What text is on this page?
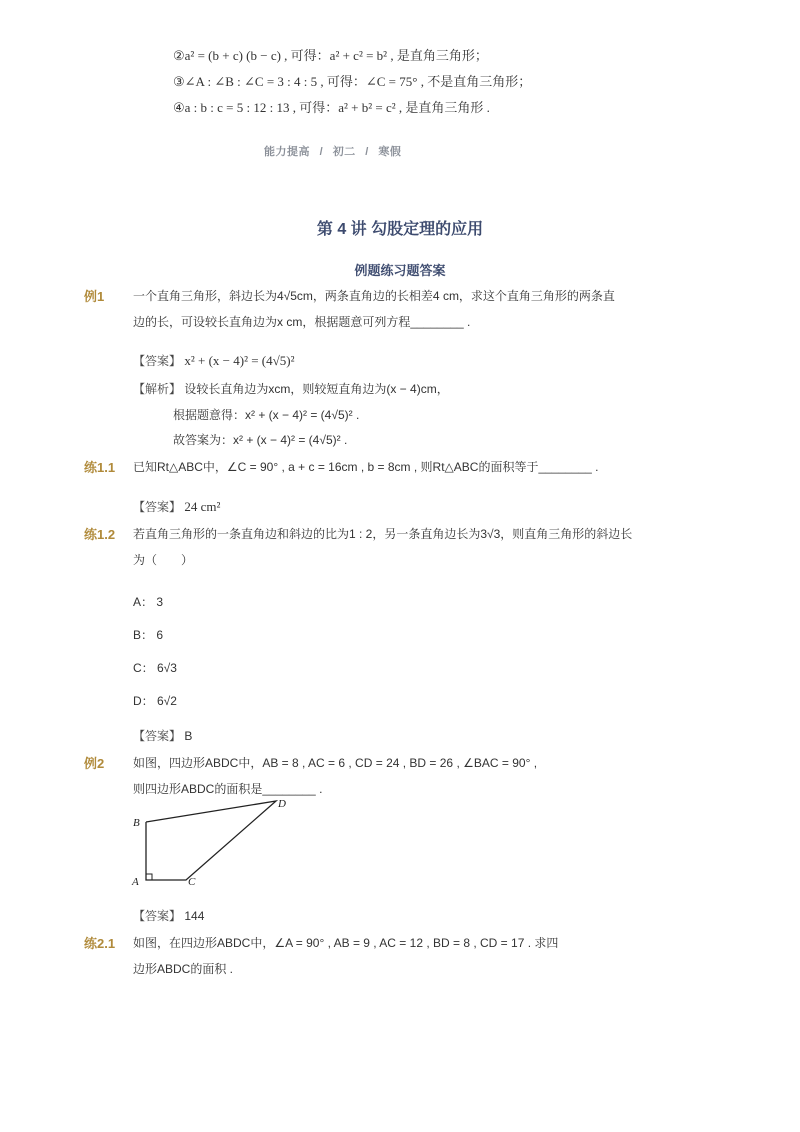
②a² = (b + c) (b − c) , 可得：a² + c² = b² , 是直角三角形；
③∠A : ∠B : ∠C = 3 : 4 : 5 , 可得：∠C = 75° , 不是直角三角形；
④a : b : c = 5 : 12 : 13 , 可得：a² + b² = c² , 是直角三角形 .
能力提高 / 初二 / 寒假
第 4 讲 勾股定理的应用
例题练习题答案
例1 一个直角三角形，斜边长为4√5cm，两条直角边的长相差4 cm，求这个直角三角形的两条直
边的长，可设较长直角边为x cm，根据题意可列方程________ .
【答案】 x² + (x − 4)² = (4√5)²
【解析】 设较长直角边为xcm，则较短直角边为(x − 4)cm，
根据题意得：x² + (x − 4)² = (4√5)² .
故答案为：x² + (x − 4)² = (4√5)² .
练1.1 已知Rt△ABC中，∠C = 90° , a + c = 16cm , b = 8cm , 则Rt△ABC的面积等于________ .
【答案】 24 cm²
练1.2 若直角三角形的一条直角边和斜边的比为1 : 2，另一条直角边长为3√3，则直角三角形的斜边长
为（　　）
A： 3
B： 6
C： 6√3
D： 6√2
【答案】 B
例2 如图，四边形ABDC中，AB = 8 , AC = 6 , CD = 24 , BD = 26 , ∠BAC = 90° ,
则四边形ABDC的面积是________ .
B
A	C
D
【答案】 144
练2.1 如图，在四边形ABDC中，∠A = 90° , AB = 9 , AC = 12 , BD = 8 , CD = 17 . 求四
边形ABDC的面积 .
